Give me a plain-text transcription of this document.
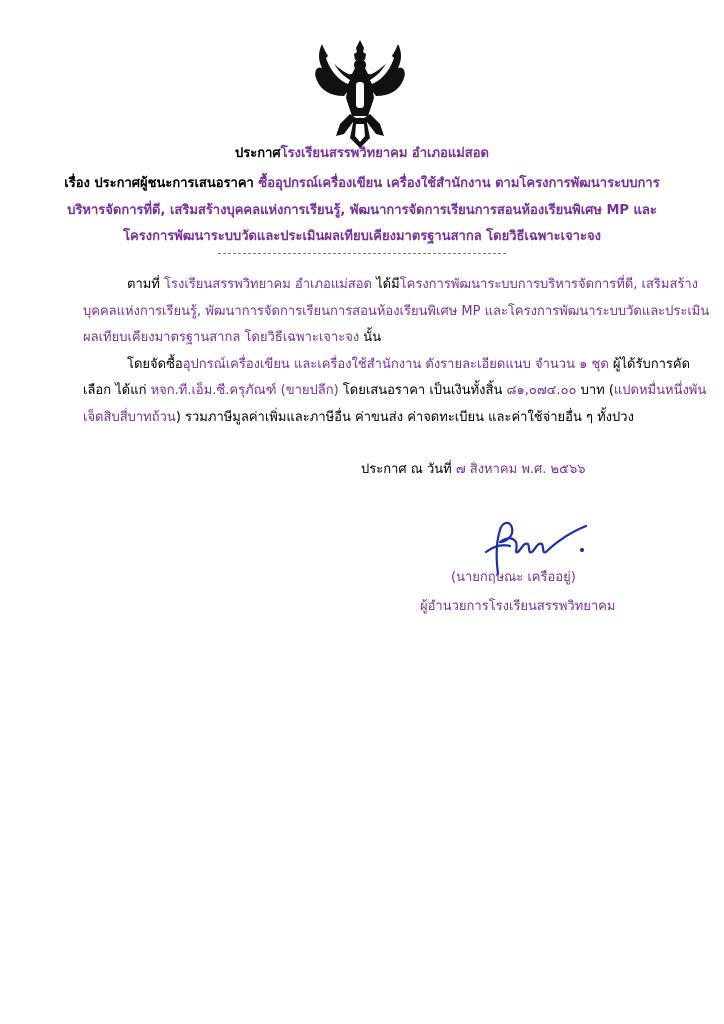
ประกาศโรงเรียนสรรพวิทยาคม อำเภอแม่สอด
เรื่อง ประกาศผู้ชนะการเสนอราคา ซื้ออุปกรณ์เครื่องเขียน เครื่องใช้สำนักงาน ตามโครงการพัฒนาระบบการ
บริหารจัดการที่ดี, เสริมสร้างบุคคลแห่งการเรียนรู้, พัฒนาการจัดการเรียนการสอนห้องเรียนพิเศษ MP และ
โครงการพัฒนาระบบวัดและประเมินผลเทียบเคียงมาตรฐานสากล โดยวิธีเฉพาะเจาะจง
ตามที่ โรงเรียนสรรพวิทยาคม อำเภอแม่สอด ได้มีโครงการพัฒนาระบบการบริหารจัดการที่ดี, เสริมสร้าง
บุคคลแห่งการเรียนรู้, พัฒนาการจัดการเรียนการสอนห้องเรียนพิเศษ MP และโครงการพัฒนาระบบวัดและประเมิน
ผลเทียบเคียงมาตรฐานสากล โดยวิธีเฉพาะเจาะจง นั้น
โดยจัดซื้ออุปกรณ์เครื่องเขียน และเครื่องใช้สำนักงาน ดังรายละเอียดแนบ จำนวน ๑ ชุด ผู้ได้รับการคัด
เลือก ได้แก่ หจก.ที.เอ็ม.ซี.ครุภัณฑ์ (ขายปลีก) โดยเสนอราคา เป็นเงินทั้งสิ้น ๘๑,๐๗๔.๐๐ บาท (แปดหมื่นหนึ่งพัน
เจ็ดสิบสี่บาทถ้วน) รวมภาษีมูลค่าเพิ่มและภาษีอื่น ค่าขนส่ง ค่าจดทะเบียน และค่าใช้จ่ายอื่น ๆ ทั้งปวง
ประกาศ ณ วันที่ ๗ สิงหาคม พ.ศ. ๒๕๖๖
(นายกฤษณะ เครืออยู่)
ผู้อำนวยการโรงเรียนสรรพวิทยาคม
